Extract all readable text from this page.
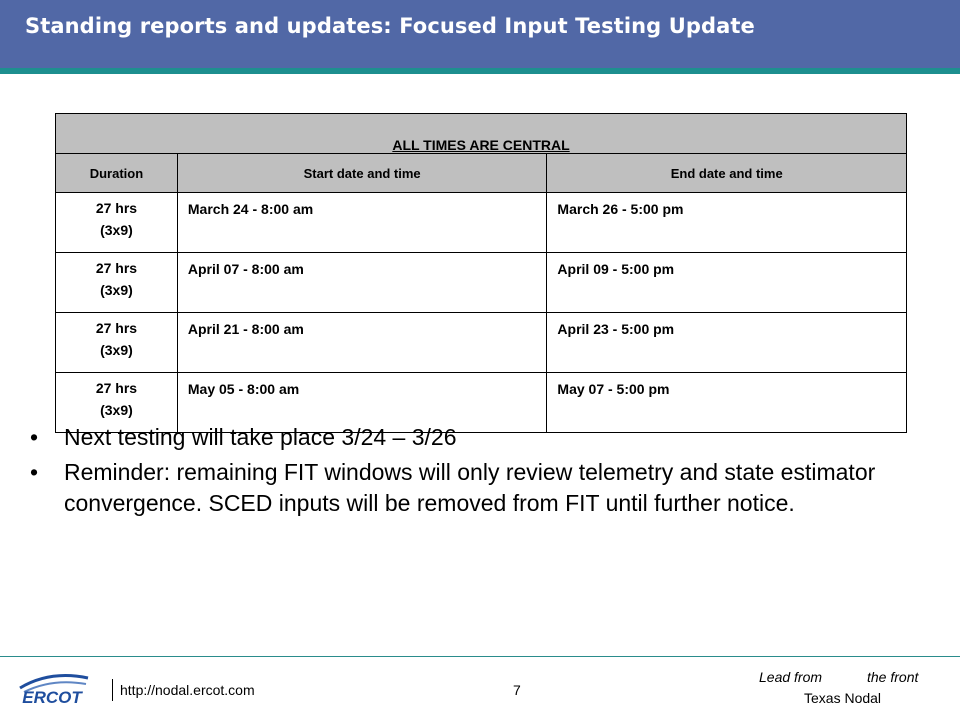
Standing reports and updates: Focused Input Testing Update
ALL TIMES ARE CENTRAL		
Duration	Start date and time	End date and time

27 hrs
(3x9)	March 24 - 8:00 am	March 26 - 5:00 pm

27 hrs
(3x9)	April 07 - 8:00 am	April 09 - 5:00 pm

27 hrs
(3x9)	April 21 - 8:00 am	April 23 - 5:00 pm

27 hrs
(3x9)	May 05 - 8:00 am	May 07 - 5:00 pm
• Next testing will take place 3/24 – 3/26
• Reminder: remaining FIT windows will only review telemetry and state estimator convergence. SCED inputs will be removed from FIT until further notice.
ERCOT	http://nodal.ercot.com	7
Lead from	the front
Texas Nodal
